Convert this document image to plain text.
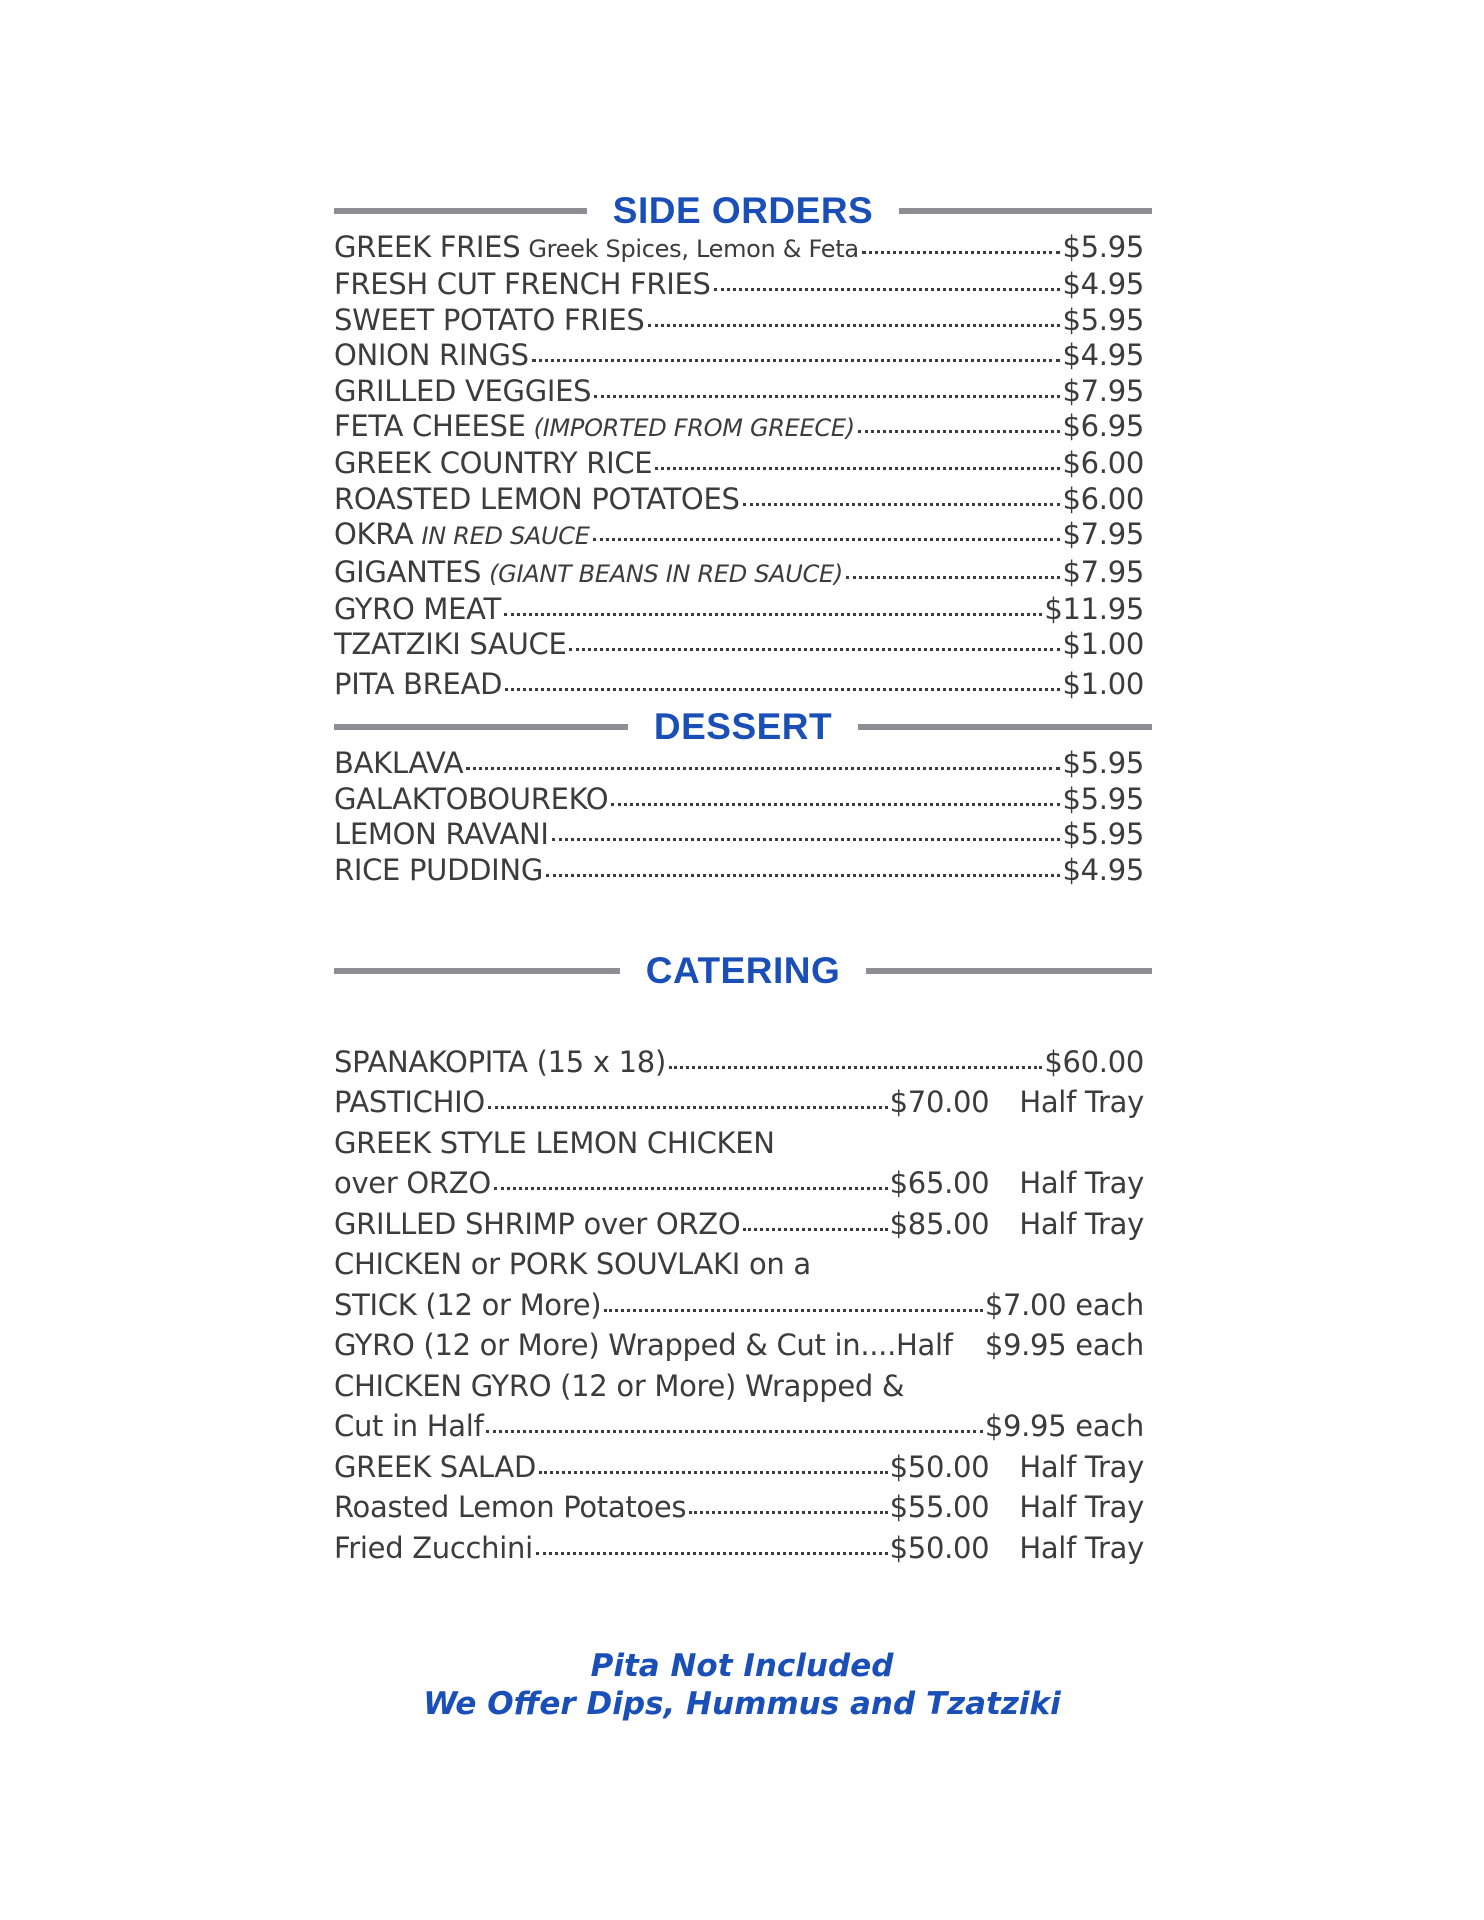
SIDE ORDERS
GREEK FRIES Greek Spices, Lemon & Feta	$5.95
FRESH CUT FRENCH FRIES	$4.95
SWEET POTATO FRIES	$5.95
ONION RINGS	$4.95
GRILLED VEGGIES	$7.95
FETA CHEESE (IMPORTED FROM GREECE)	$6.95
GREEK COUNTRY RICE	$6.00
ROASTED LEMON POTATOES	$6.00
OKRA IN RED SAUCE	$7.95
GIGANTES (GIANT BEANS IN RED SAUCE)	$7.95
GYRO MEAT	$11.95
TZATZIKI SAUCE	$1.00
PITA BREAD	$1.00
DESSERT
BAKLAVA	$5.95
GALAKTOBOUREKO	$5.95
LEMON RAVANI	$5.95
RICE PUDDING	$4.95
CATERING
SPANAKOPITA (15 x 18)	$60.00
PASTICHIO	$70.00 Half Tray
GREEK STYLE LEMON CHICKEN
over ORZO	$65.00 Half Tray
GRILLED SHRIMP over ORZO	$85.00 Half Tray
CHICKEN or PORK SOUVLAKI on a
STICK (12 or More)	$7.00 each
GYRO (12 or More) Wrapped & Cut in....Half $9.95 each
CHICKEN GYRO (12 or More) Wrapped &
Cut in Half	$9.95 each
GREEK SALAD	$50.00 Half Tray
Roasted Lemon Potatoes	$55.00 Half Tray
Fried Zucchini	$50.00 Half Tray
Pita Not Included
We Offer Dips, Hummus and Tzatziki
